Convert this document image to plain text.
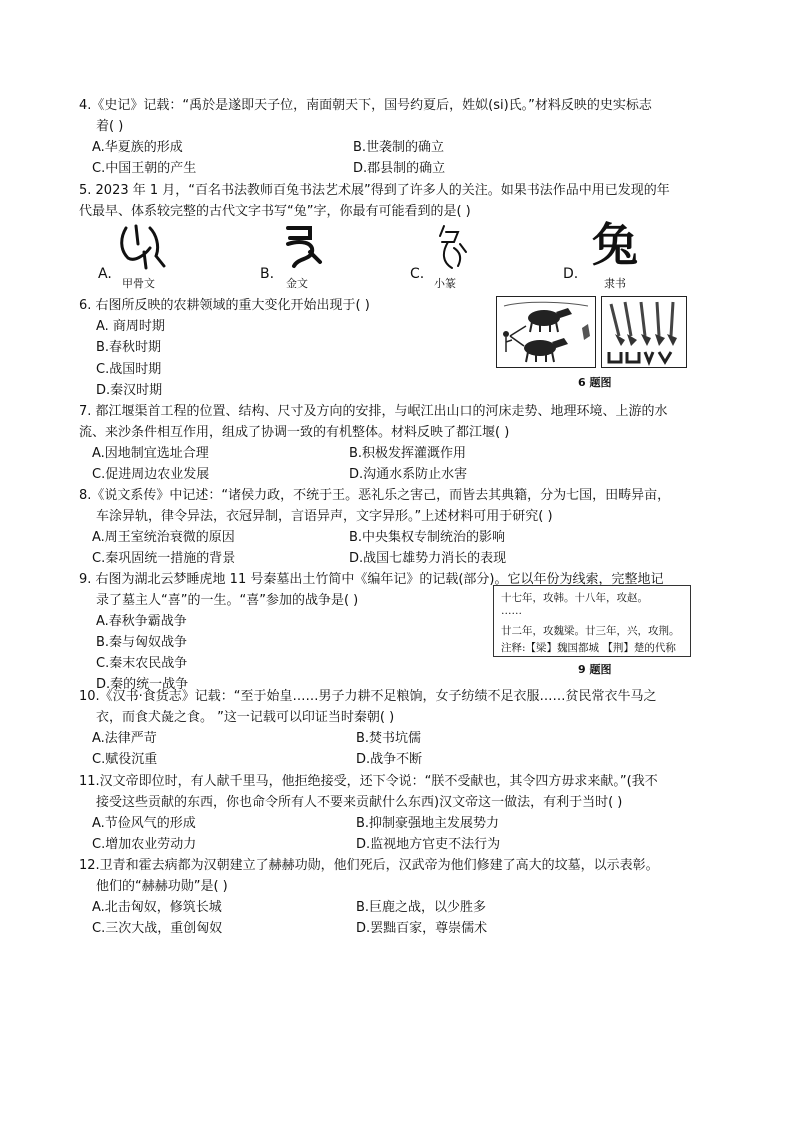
4.《史记》记载：“禹於是遂即天子位，南面朝天下，国号约夏后，姓姒(si)氏。”材料反映的史实标志
着( )
A.华夏族的形成	B.世袭制的确立
C.中国王朝的产生	D.郡县制的确立
5. 2023 年 1 月，“百名书法教师百兔书法艺术展”得到了许多人的关注。如果书法作品中用已发现的年
代最早、体系较完整的古代文字书写“兔”字，你最有可能看到的是( )
A.
甲骨文
B.
金文
C.
小篆
D.
兔
隶书
6. 右图所反映的农耕领域的重大变化开始出现于( )
A. 商周时期
B.春秋时期
C.战国时期
D.秦汉时期
6 题图
7. 都江堰渠首工程的位置、结构、尺寸及方向的安排，与岷江出山口的河床走势、地理环境、上游的水
流、来沙条件相互作用，组成了协调一致的有机整体。材料反映了都江堰( )
A.因地制宜选址合理	B.积极发挥灌溉作用
C.促进周边农业发展	D.沟通水系防止水害
8.《说文系传》中记述：“诸侯力政，不统于王。恶礼乐之害己，而皆去其典籍，分为七国，田畴异亩，
车涂异轨，律令异法，衣冠异制，言语异声，文字异形。”上述材料可用于研究( )
A.周王室统治衰微的原因	B.中央集权专制统治的影响
C.秦巩固统一措施的背景	D.战国七雄势力消长的表现
9. 右图为湖北云梦睡虎地 11 号秦墓出土竹简中《编年记》的记载(部分)。它以年份为线索，完整地记
录了墓主人“喜”的一生。“喜”参加的战争是( )
A.春秋争霸战争
B.秦与匈奴战争
C.秦末农民战争
D.秦的统一战争
十七年，攻韩。十八年，攻赵。
……
廿二年，攻魏梁。廿三年，兴，攻荆。
注释:【梁】魏国都城 【荆】楚的代称
9 题图
10.《汉书·食货志》记载：“至于始皇……男子力耕不足粮饷，女子纺绩不足衣服……贫民常衣牛马之
衣，而食犬彘之食。 ”这一记载可以印证当时秦朝( )
A.法律严苛	B.焚书坑儒
C.赋役沉重	D.战争不断
11.汉文帝即位时，有人献千里马，他拒绝接受，还下令说：“朕不受献也，其令四方毋求来献。”(我不
接受这些贡献的东西，你也命令所有人不要来贡献什么东西)汉文帝这一做法，有利于当时( )
A.节俭风气的形成	B.抑制豪强地主发展势力
C.增加农业劳动力	D.监视地方官吏不法行为
12.卫青和霍去病都为汉朝建立了赫赫功勋，他们死后，汉武帝为他们修建了高大的坟墓，以示表彰。
他们的“赫赫功勋”是( )
A.北击匈奴，修筑长城	B.巨鹿之战，以少胜多
C.三次大战，重创匈奴	D.罢黜百家，尊崇儒术
